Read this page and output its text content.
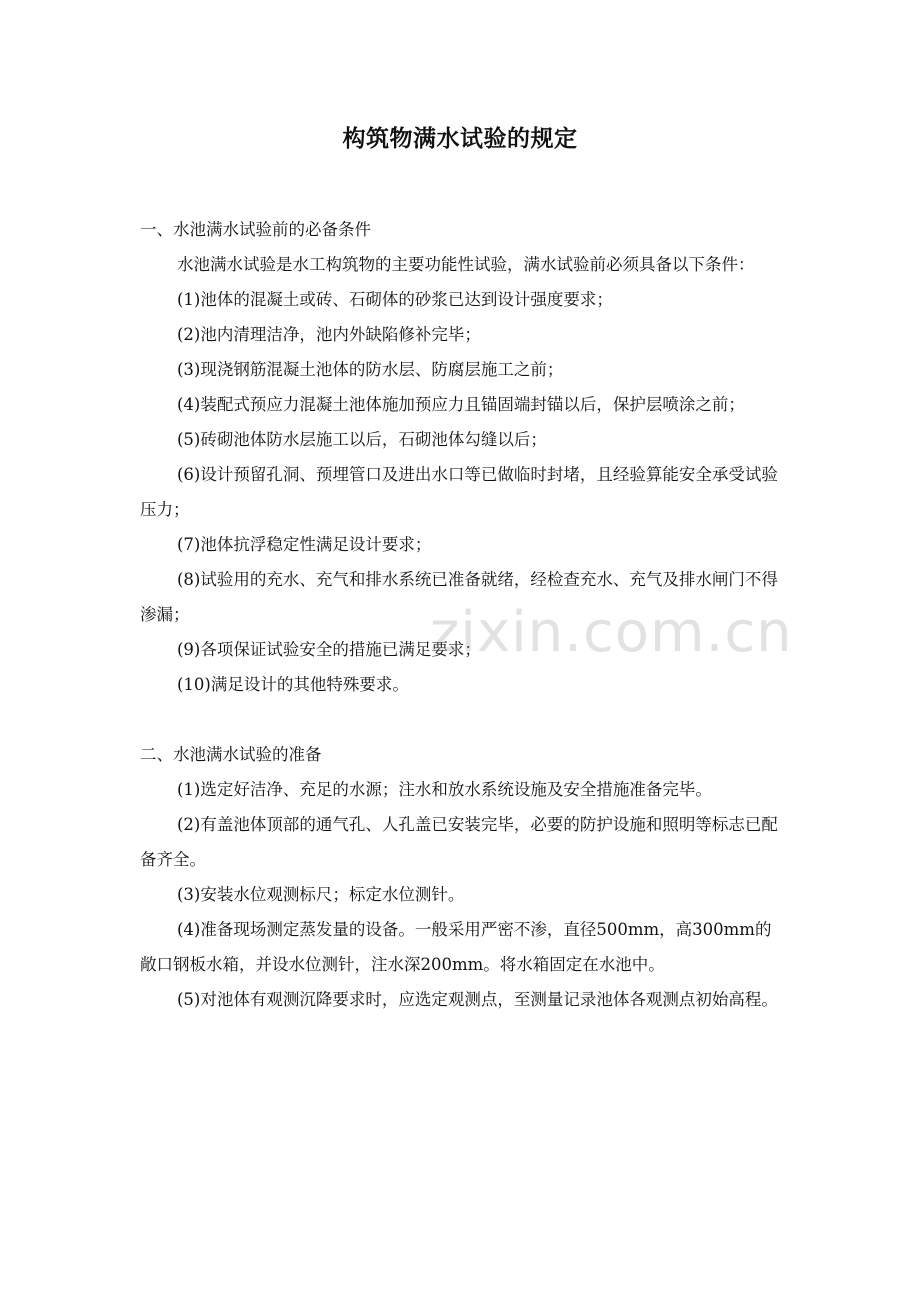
构筑物满水试验的规定

一、水池满水试验前的必备条件

水池满水试验是水工构筑物的主要功能性试验，满水试验前必须具备以下条件：

(1)池体的混凝土或砖、石砌体的砂浆已达到设计强度要求；

(2)池内清理洁净，池内外缺陷修补完毕；

(3)现浇钢筋混凝土池体的防水层、防腐层施工之前；

(4)装配式预应力混凝土池体施加预应力且锚固端封锚以后，保护层喷涂之前；

(5)砖砌池体防水层施工以后，石砌池体勾缝以后；

(6)设计预留孔洞、预埋管口及进出水口等已做临时封堵，且经验算能安全承受试验压力；

(7)池体抗浮稳定性满足设计要求；

(8)试验用的充水、充气和排水系统已准备就绪，经检查充水、充气及排水闸门不得渗漏；

(9)各项保证试验安全的措施已满足要求；

(10)满足设计的其他特殊要求。

二、水池满水试验的准备

(1)选定好洁净、充足的水源；注水和放水系统设施及安全措施准备完毕。

(2)有盖池体顶部的通气孔、人孔盖已安装完毕，必要的防护设施和照明等标志已配备齐全。

(3)安装水位观测标尺；标定水位测针。

(4)准备现场测定蒸发量的设备。一般采用严密不渗，直径500mm，高300mm的敞口钢板水箱，并设水位测针，注水深200mm。将水箱固定在水池中。

(5)对池体有观测沉降要求时，应选定观测点，至测量记录池体各观测点初始高程。

zixin.com.cn
